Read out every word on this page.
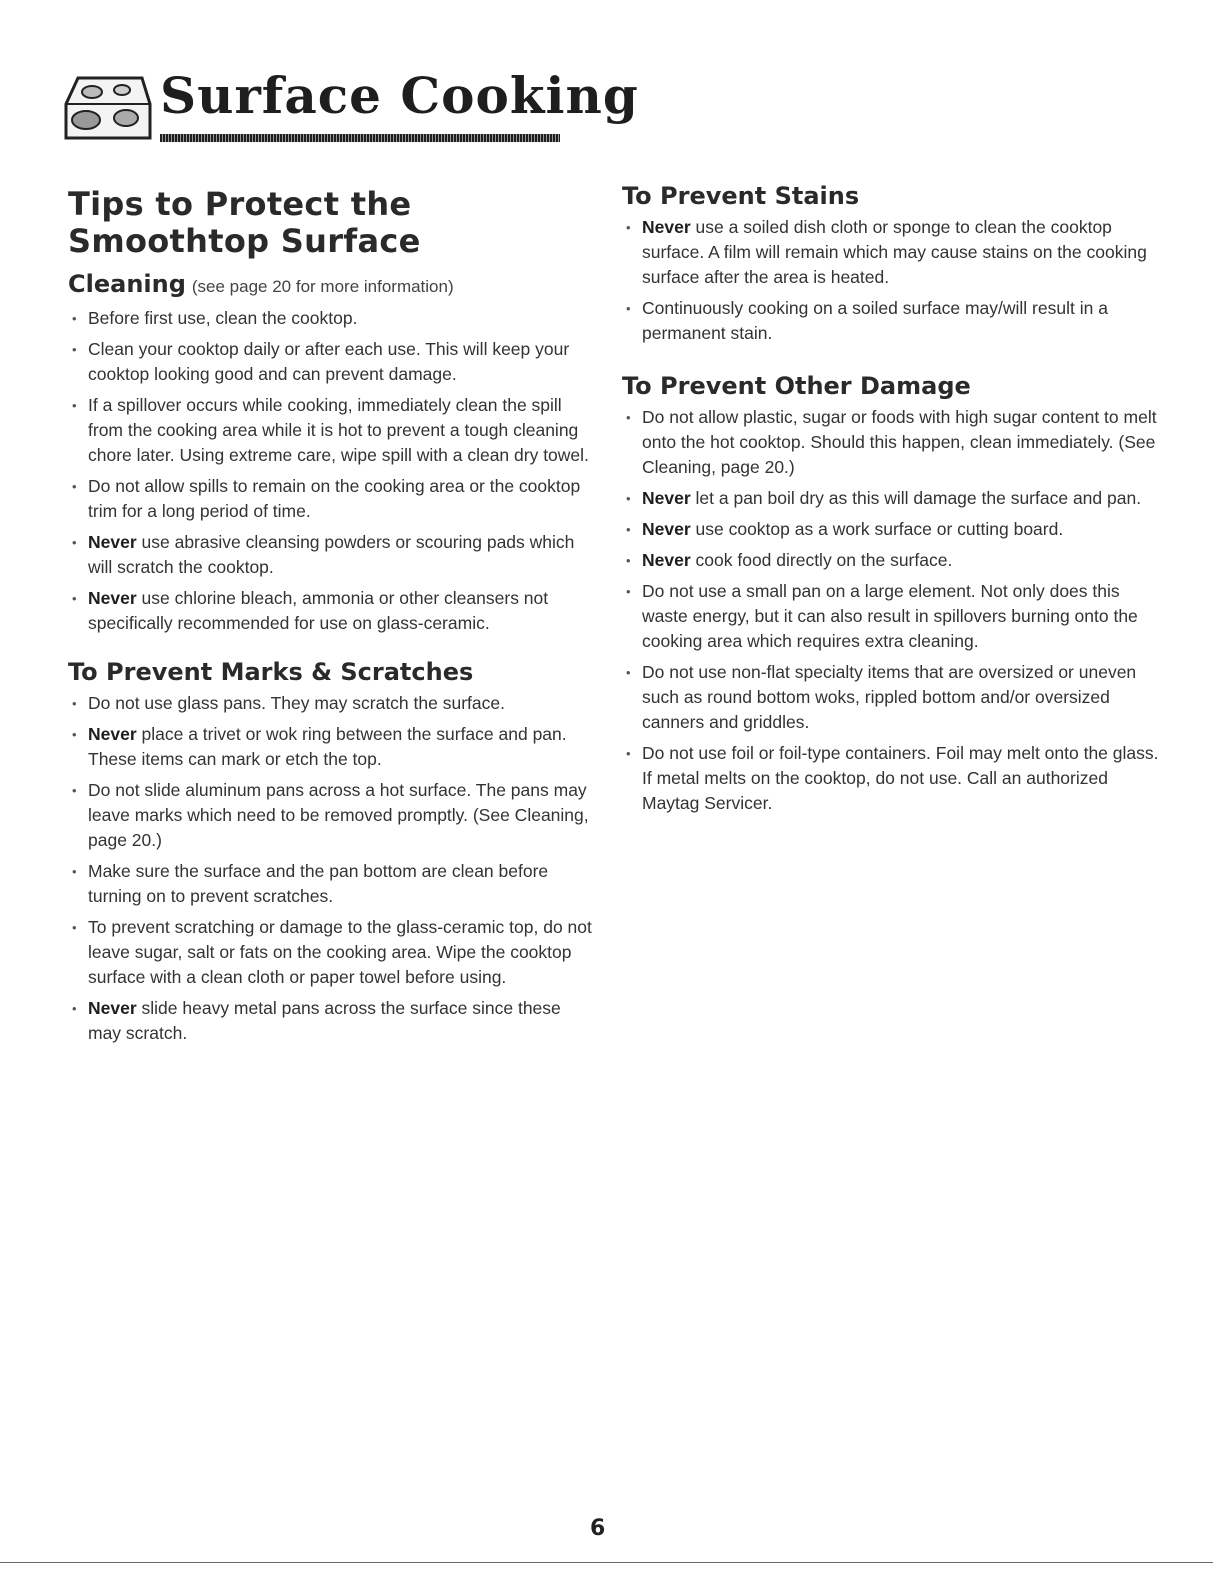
Surface Cooking
Tips to Protect the
Smoothtop Surface
Cleaning (see page 20 for more information)
• Before first use, clean the cooktop.
• Clean your cooktop daily or after each use. This will keep your cooktop looking good and can prevent damage.
• If a spillover occurs while cooking, immediately clean the spill from the cooking area while it is hot to prevent a tough cleaning chore later. Using extreme care, wipe spill with a clean dry towel.
• Do not allow spills to remain on the cooking area or the cooktop trim for a long period of time.
• Never use abrasive cleansing powders or scouring pads which will scratch the cooktop.
• Never use chlorine bleach, ammonia or other cleansers not specifically recommended for use on glass-ceramic.
To Prevent Marks & Scratches
• Do not use glass pans. They may scratch the surface.
• Never place a trivet or wok ring between the surface and pan. These items can mark or etch the top.
• Do not slide aluminum pans across a hot surface. The pans may leave marks which need to be removed promptly. (See Cleaning, page 20.)
• Make sure the surface and the pan bottom are clean before turning on to prevent scratches.
• To prevent scratching or damage to the glass-ceramic top, do not leave sugar, salt or fats on the cooking area. Wipe the cooktop surface with a clean cloth or paper towel before using.
• Never slide heavy metal pans across the surface since these may scratch.
To Prevent Stains
• Never use a soiled dish cloth or sponge to clean the cooktop surface. A film will remain which may cause stains on the cooking surface after the area is heated.
• Continuously cooking on a soiled surface may/will result in a permanent stain.
To Prevent Other Damage
• Do not allow plastic, sugar or foods with high sugar content to melt onto the hot cooktop. Should this happen, clean immediately. (See Cleaning, page 20.)
• Never let a pan boil dry as this will damage the surface and pan.
• Never use cooktop as a work surface or cutting board.
• Never cook food directly on the surface.
• Do not use a small pan on a large element. Not only does this waste energy, but it can also result in spillovers burning onto the cooking area which requires extra cleaning.
• Do not use non-flat specialty items that are oversized or uneven such as round bottom woks, rippled bottom and/or oversized canners and griddles.
• Do not use foil or foil-type containers. Foil may melt onto the glass. If metal melts on the cooktop, do not use. Call an authorized Maytag Servicer.
6
